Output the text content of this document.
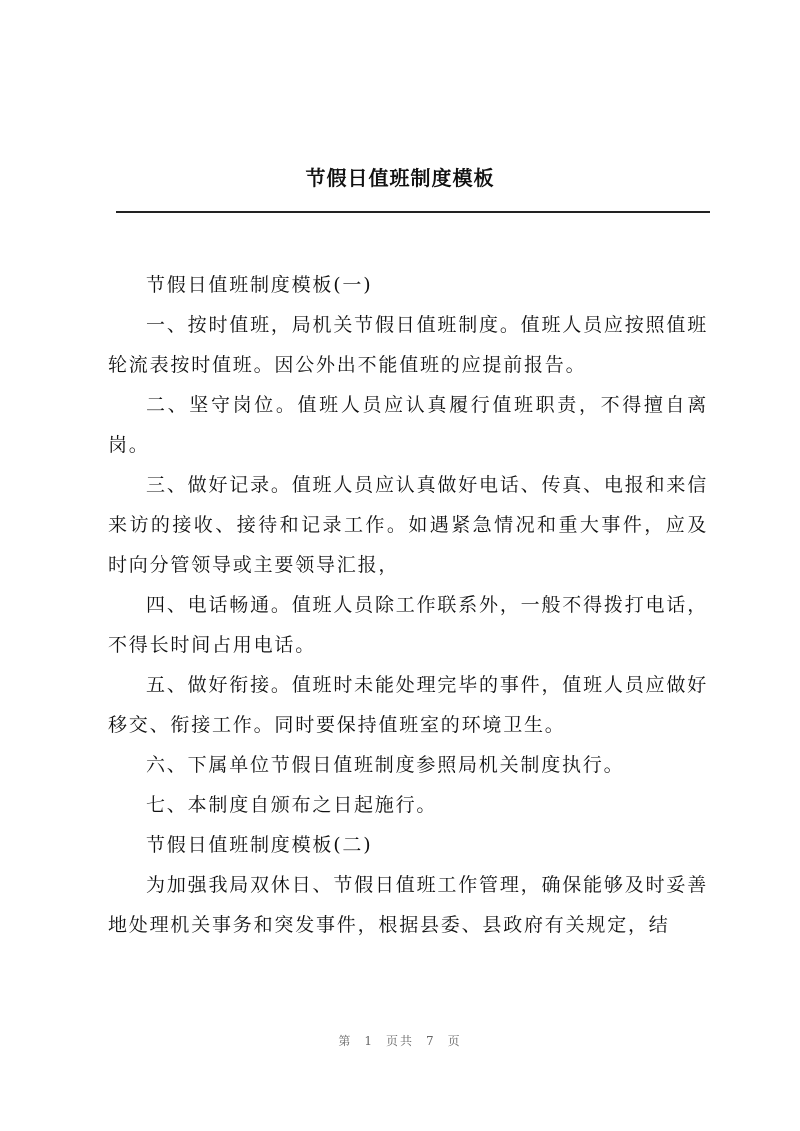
节假日值班制度模板

节假日值班制度模板(一)

一、按时值班，局机关节假日值班制度。值班人员应按照值班轮流表按时值班。因公外出不能值班的应提前报告。

二、坚守岗位。值班人员应认真履行值班职责，不得擅自离岗。

三、做好记录。值班人员应认真做好电话、传真、电报和来信来访的接收、接待和记录工作。如遇紧急情况和重大事件，应及时向分管领导或主要领导汇报，

四、电话畅通。值班人员除工作联系外，一般不得拨打电话，不得长时间占用电话。

五、做好衔接。值班时未能处理完毕的事件，值班人员应做好移交、衔接工作。同时要保持值班室的环境卫生。

六、下属单位节假日值班制度参照局机关制度执行。

七、本制度自颁布之日起施行。

节假日值班制度模板(二)

为加强我局双休日、节假日值班工作管理，确保能够及时妥善地处理机关事务和突发事件，根据县委、县政府有关规定，结

第 1 页共 7 页
